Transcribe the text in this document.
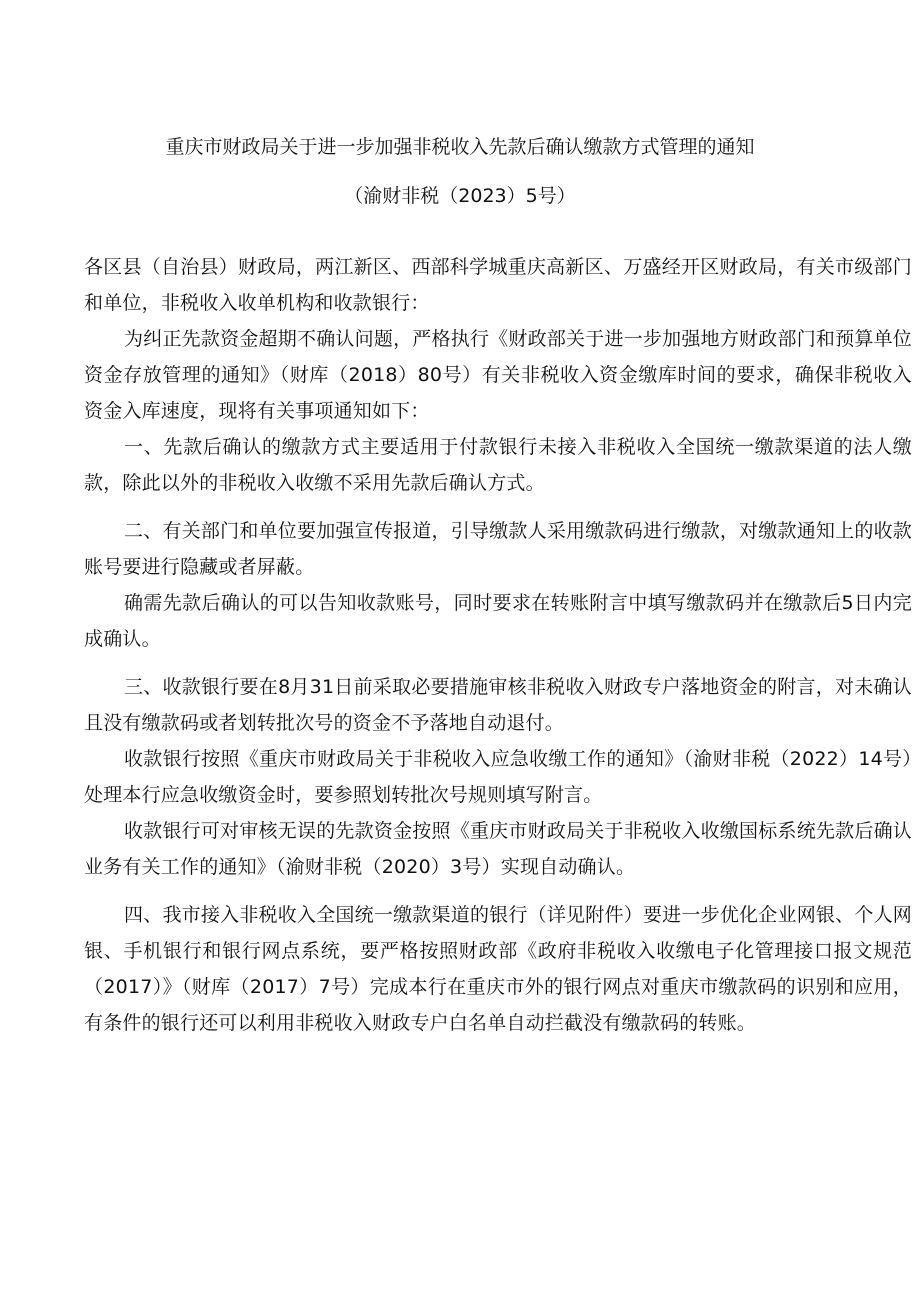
重庆市财政局关于进一步加强非税收入先款后确认缴款方式管理的通知
（渝财非税（2023）5号）

各区县（自治县）财政局，两江新区、西部科学城重庆高新区、万盛经开区财政局，有关市级部门和单位，非税收入收单机构和收款银行：

为纠正先款资金超期不确认问题，严格执行《财政部关于进一步加强地方财政部门和预算单位资金存放管理的通知》（财库（2018）80号）有关非税收入资金缴库时间的要求，确保非税收入资金入库速度，现将有关事项通知如下：

一、先款后确认的缴款方式主要适用于付款银行未接入非税收入全国统一缴款渠道的法人缴款，除此以外的非税收入收缴不采用先款后确认方式。

二、有关部门和单位要加强宣传报道，引导缴款人采用缴款码进行缴款，对缴款通知上的收款账号要进行隐藏或者屏蔽。

确需先款后确认的可以告知收款账号，同时要求在转账附言中填写缴款码并在缴款后5日内完成确认。

三、收款银行要在8月31日前采取必要措施审核非税收入财政专户落地资金的附言，对未确认且没有缴款码或者划转批次号的资金不予落地自动退付。

收款银行按照《重庆市财政局关于非税收入应急收缴工作的通知》（渝财非税（2022）14号）处理本行应急收缴资金时，要参照划转批次号规则填写附言。

收款银行可对审核无误的先款资金按照《重庆市财政局关于非税收入收缴国标系统先款后确认业务有关工作的通知》（渝财非税（2020）3号）实现自动确认。

四、我市接入非税收入全国统一缴款渠道的银行（详见附件）要进一步优化企业网银、个人网银、手机银行和银行网点系统，要严格按照财政部《政府非税收入收缴电子化管理接口报文规范（2017）》（财库（2017）7号）完成本行在重庆市外的银行网点对重庆市缴款码的识别和应用，有条件的银行还可以利用非税收入财政专户白名单自动拦截没有缴款码的转账。
